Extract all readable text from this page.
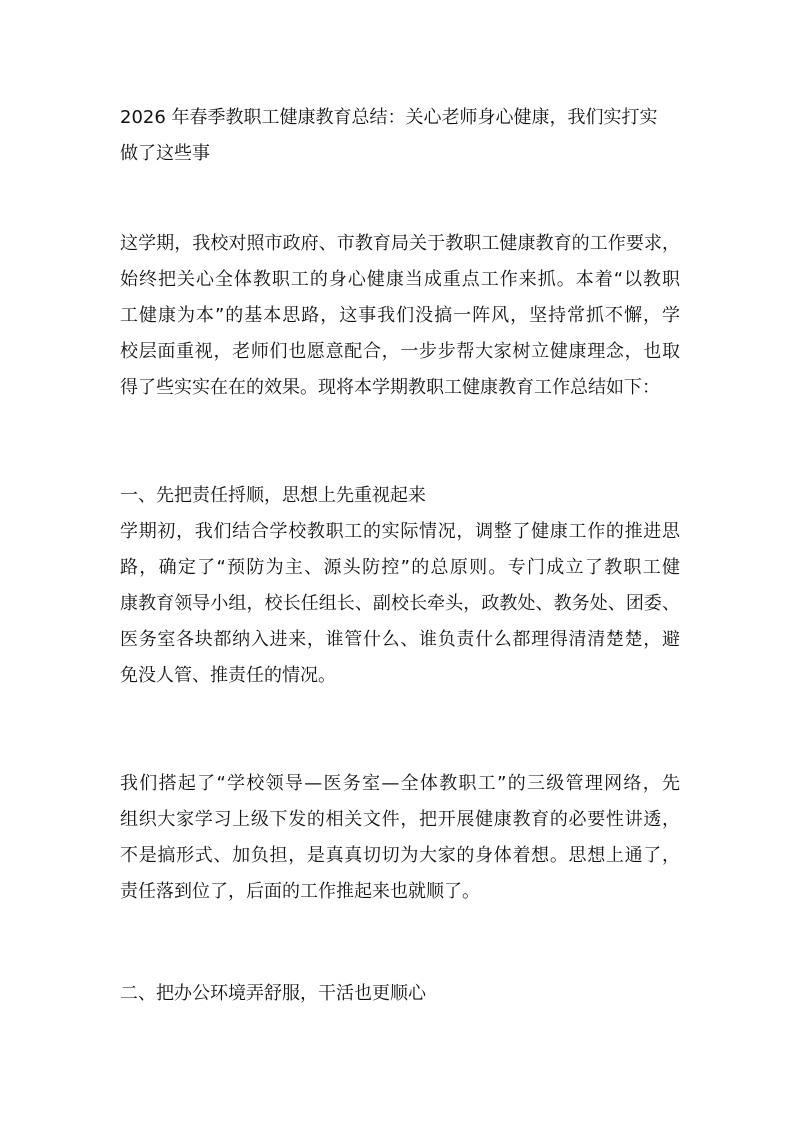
2026 年春季教职工健康教育总结：关心老师身心健康，我们实打实
做了这些事
这学期，我校对照市政府、市教育局关于教职工健康教育的工作要求，
始终把关心全体教职工的身心健康当成重点工作来抓。本着“以教职
工健康为本”的基本思路，这事我们没搞一阵风，坚持常抓不懈，学
校层面重视，老师们也愿意配合，一步步帮大家树立健康理念，也取
得了些实实在在的效果。现将本学期教职工健康教育工作总结如下：
一、先把责任捋顺，思想上先重视起来
学期初，我们结合学校教职工的实际情况，调整了健康工作的推进思
路，确定了“预防为主、源头防控”的总原则。专门成立了教职工健
康教育领导小组，校长任组长、副校长牵头，政教处、教务处、团委、
医务室各块都纳入进来，谁管什么、谁负责什么都理得清清楚楚，避
免没人管、推责任的情况。
我们搭起了“学校领导—医务室—全体教职工”的三级管理网络，先
组织大家学习上级下发的相关文件，把开展健康教育的必要性讲透，
不是搞形式、加负担，是真真切切为大家的身体着想。思想上通了，
责任落到位了，后面的工作推起来也就顺了。
二、把办公环境弄舒服，干活也更顺心
